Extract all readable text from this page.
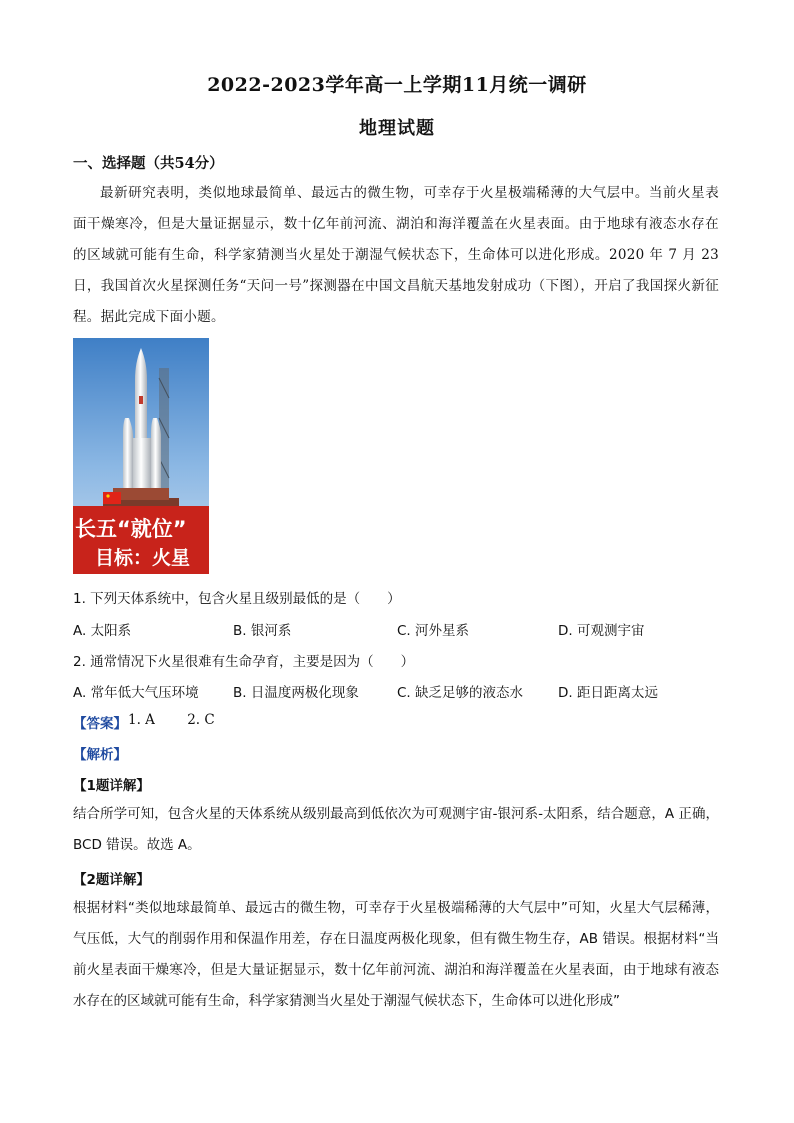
2022-2023学年高一上学期11月统一调研
地理试题
一、选择题（共54分）
最新研究表明，类似地球最简单、最远古的微生物，可幸存于火星极端稀薄的大气层中。当前火星表面干燥寒冷，但是大量证据显示，数十亿年前河流、湖泊和海洋覆盖在火星表面。由于地球有液态水存在的区域就可能有生命，科学家猜测当火星处于潮湿气候状态下，生命体可以进化形成。2020 年 7 月 23 日，我国首次火星探测任务“天问一号”探测器在中国文昌航天基地发射成功（下图），开启了我国探火新征程。据此完成下面小题。
长五“就位”
目标：火星
1. 下列天体系统中，包含火星且级别最低的是（　　）
A. 太阳系	B. 银河系	C. 河外星系	D. 可观测宇宙
2. 通常情况下火星很难有生命孕育，主要是因为（　　）
A. 常年低大气压环境	B. 日温度两极化现象	C. 缺乏足够的液态水	D. 距日距离太远
【答案】 1. A 2. C
【解析】
【1题详解】
结合所学可知，包含火星的天体系统从级别最高到低依次为可观测宇宙-银河系-太阳系，结合题意，A 正确，BCD 错误。故选 A。
【2题详解】
根据材料“类似地球最简单、最远古的微生物，可幸存于火星极端稀薄的大气层中”可知，火星大气层稀薄，气压低，大气的削弱作用和保温作用差，存在日温度两极化现象，但有微生物生存，AB 错误。根据材料“当前火星表面干燥寒冷，但是大量证据显示，数十亿年前河流、湖泊和海洋覆盖在火星表面，由于地球有液态水存在的区域就可能有生命，科学家猜测当火星处于潮湿气候状态下，生命体可以进化形成”
